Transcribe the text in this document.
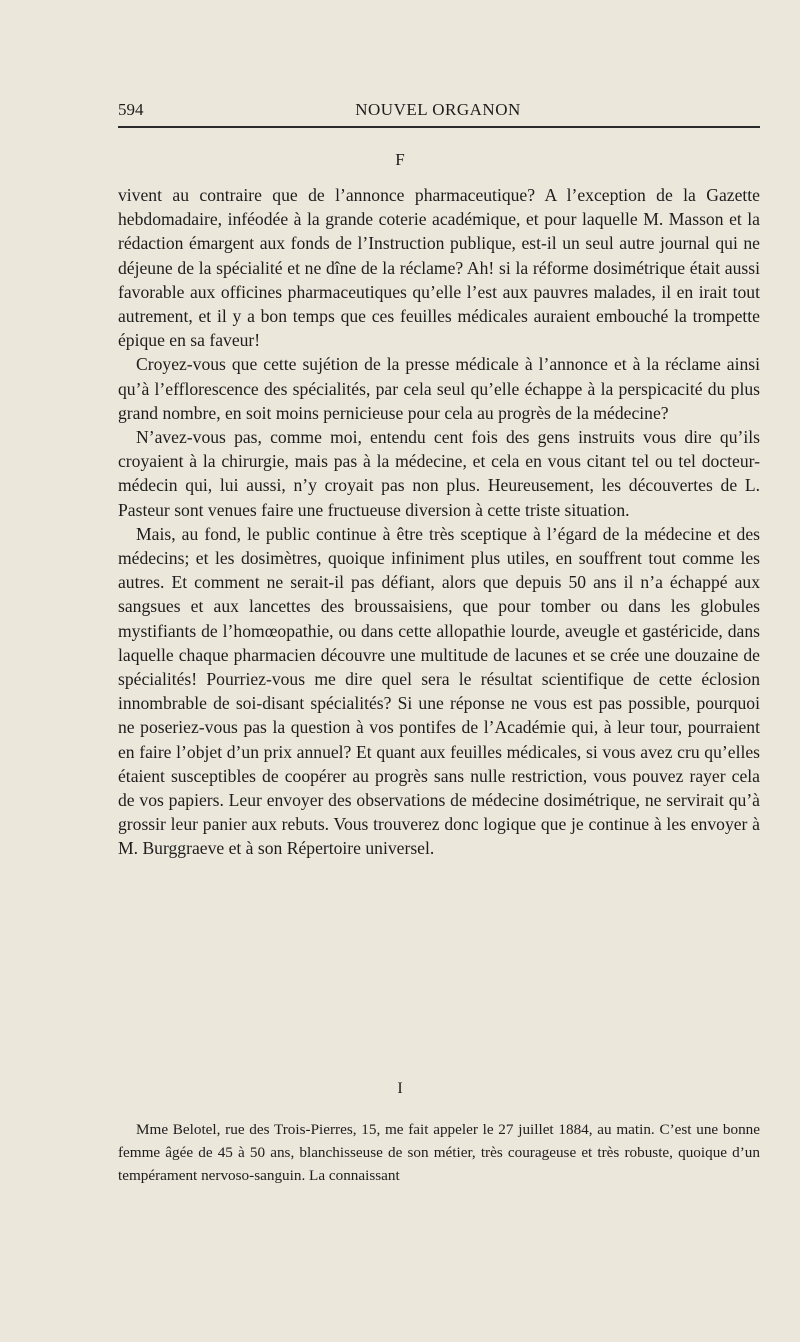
594	NOUVEL ORGANON
F

vivent au contraire que de l’annonce pharmaceutique? A l’exception de la Gazette hebdomadaire, inféodée à la grande coterie académique, et pour laquelle M. Masson et la rédaction émargent aux fonds de l’Instruction publique, est-il un seul autre journal qui ne déjeune de la spécialité et ne dîne de la réclame? Ah! si la réforme dosimétrique était aussi favorable aux officines pharmaceutiques qu’elle l’est aux pauvres malades, il en irait tout autrement, et il y a bon temps que ces feuilles médicales auraient embouché la trompette épique en sa faveur!

Croyez-vous que cette sujétion de la presse médicale à l’annonce et à la réclame ainsi qu’à l’efflorescence des spécialités, par cela seul qu’elle échappe à la perspicacité du plus grand nombre, en soit moins pernicieuse pour cela au progrès de la médecine?

N’avez-vous pas, comme moi, entendu cent fois des gens instruits vous dire qu’ils croyaient à la chirurgie, mais pas à la médecine, et cela en vous citant tel ou tel docteur-médecin qui, lui aussi, n’y croyait pas non plus. Heureusement, les découvertes de L. Pasteur sont venues faire une fructueuse diversion à cette triste situation.

Mais, au fond, le public continue à être très sceptique à l’égard de la médecine et des médecins; et les dosimètres, quoique infiniment plus utiles, en souffrent tout comme les autres. Et comment ne serait-il pas défiant, alors que depuis 50 ans il n’a échappé aux sangsues et aux lancettes des broussaisiens, que pour tomber ou dans les globules mystifiants de l’homœopathie, ou dans cette allopathie lourde, aveugle et gastéricide, dans laquelle chaque pharmacien découvre une multitude de lacunes et se crée une douzaine de spécialités! Pourriez-vous me dire quel sera le résultat scientifique de cette éclosion innombrable de soi-disant spécialités? Si une réponse ne vous est pas possible, pourquoi ne poseriez-vous pas la question à vos pontifes de l’Académie qui, à leur tour, pourraient en faire l’objet d’un prix annuel? Et quant aux feuilles médicales, si vous avez cru qu’elles étaient susceptibles de coopérer au progrès sans nulle restriction, vous pouvez rayer cela de vos papiers. Leur envoyer des observations de médecine dosimétrique, ne servirait qu’à grossir leur panier aux rebuts. Vous trouverez donc logique que je continue à les envoyer à M. Burggraeve et à son Répertoire universel.

I

Mme Belotel, rue des Trois-Pierres, 15, me fait appeler le 27 juillet 1884, au matin. C’est une bonne femme âgée de 45 à 50 ans, blanchisseuse de son métier, très courageuse et très robuste, quoique d’un tempérament nervoso-sanguin. La connaissant
